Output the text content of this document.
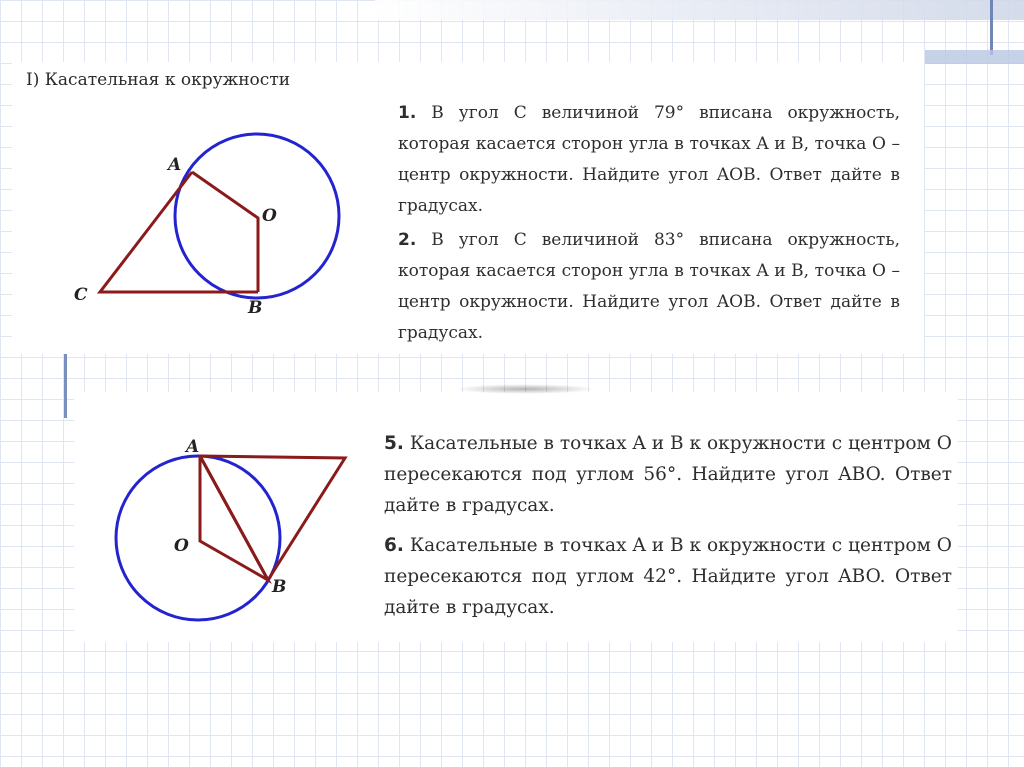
I) Касательная к окружности
A
O
C
B
A
O
B

1. В угол C величиной 79° вписана окружность, которая касается сторон угла в точках A и B, точка O – центр окружности. Найдите угол AOB. Ответ дайте в градусах.

2. В угол C величиной 83° вписана окружность, которая касается сторон угла в точках A и B, точка O – центр окружности. Найдите угол AOB. Ответ дайте в градусах.

5. Касательные в точках A и B к окружности с центром O пересекаются под углом 56°. Найдите угол ABO. Ответ дайте в градусах.

6. Касательные в точках A и B к окружности с центром O пересекаются под углом 42°. Найдите угол ABO. Ответ дайте в градусах.
